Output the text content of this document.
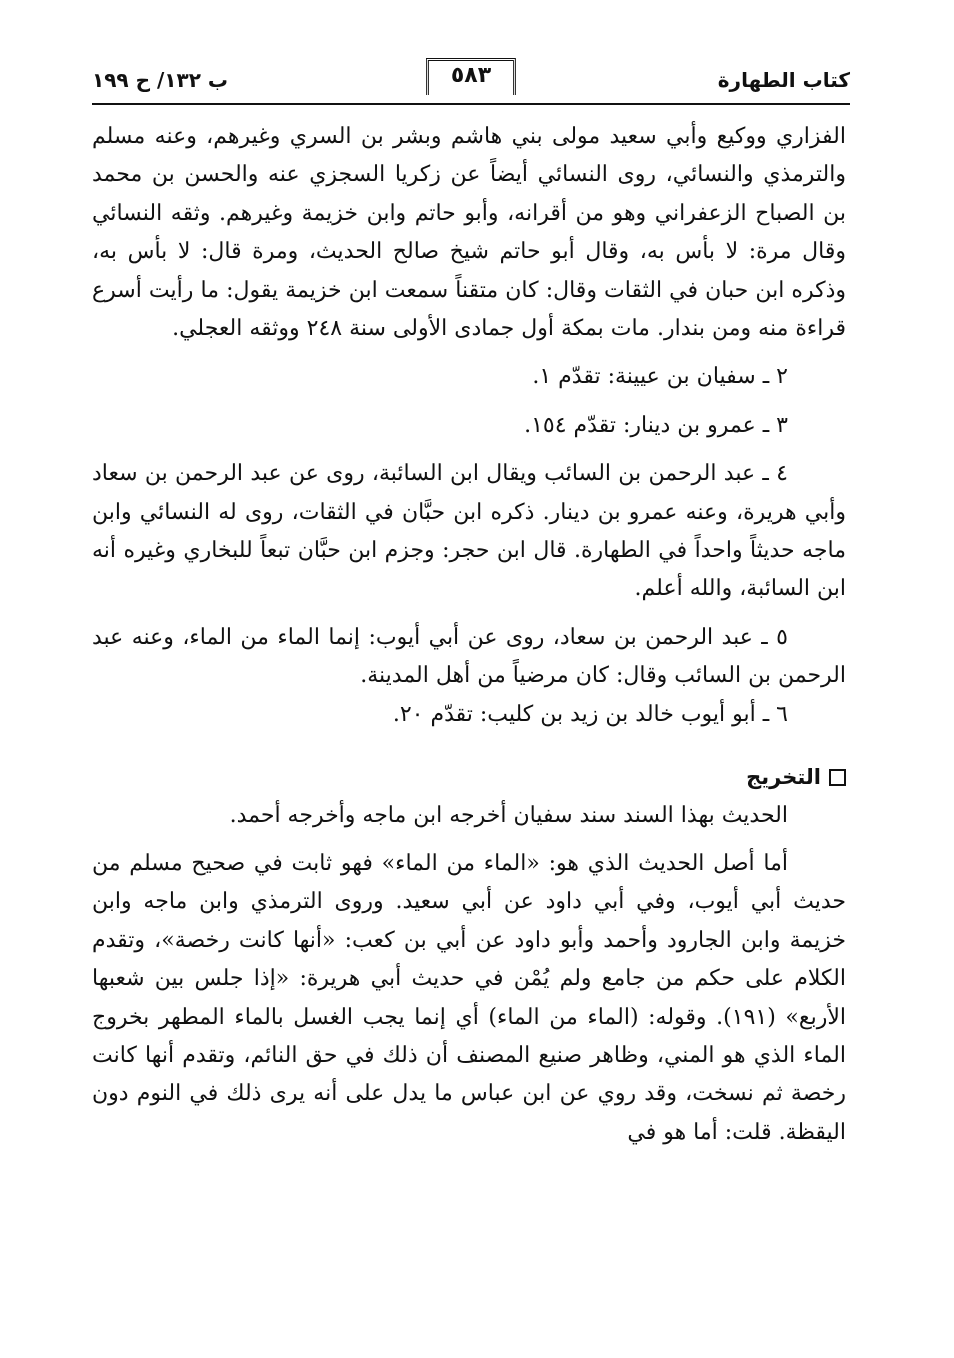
كتاب الطهارة
٥٨٣
ب ١٣٢/ ح ١٩٩

الفزاري ووكيع وأبي سعيد مولى بني هاشم وبشر بن السري وغيرهم، وعنه مسلم والترمذي والنسائي، روى النسائي أيضاً عن زكريا السجزي عنه والحسن بن محمد بن الصباح الزعفراني وهو من أقرانه، وأبو حاتم وابن خزيمة وغيرهم. وثقه النسائي وقال مرة: لا بأس به، وقال أبو حاتم شيخ صالح الحديث، ومرة قال: لا بأس به، وذكره ابن حبان في الثقات وقال: كان متقناً سمعت ابن خزيمة يقول: ما رأيت أسرع قراءة منه ومن بندار. مات بمكة أول جمادى الأولى سنة ٢٤٨ ووثقه العجلي.

٢ ـ سفيان بن عيينة: تقدّم ١.

٣ ـ عمرو بن دينار: تقدّم ١٥٤.

٤ ـ عبد الرحمن بن السائب ويقال ابن السائبة، روى عن عبد الرحمن بن سعاد وأبي هريرة، وعنه عمرو بن دينار. ذكره ابن حبَّان في الثقات، روى له النسائي وابن ماجه حديثاً واحداً في الطهارة. قال ابن حجر: وجزم ابن حبَّان تبعاً للبخاري وغيره أنه ابن السائبة، والله أعلم.

٥ ـ عبد الرحمن بن سعاد، روى عن أبي أيوب: إنما الماء من الماء، وعنه عبد الرحمن بن السائب وقال: كان مرضياً من أهل المدينة.

٦ ـ أبو أيوب خالد بن زيد بن كليب: تقدّم ٢٠.

التخريج

الحديث بهذا السند سند سفيان أخرجه ابن ماجه وأخرجه أحمد.

أما أصل الحديث الذي هو: «الماء من الماء» فهو ثابت في صحيح مسلم من حديث أبي أيوب، وفي أبي داود عن أبي سعيد. وروى الترمذي وابن ماجه وابن خزيمة وابن الجارود وأحمد وأبو داود عن أبي بن كعب: «أنها كانت رخصة»، وتقدم الكلام على حكم من جامع ولم يُمْن في حديث أبي هريرة: «إذا جلس بين شعبها الأربع» (١٩١). وقوله: (الماء من الماء) أي إنما يجب الغسل بالماء المطهر بخروج الماء الذي هو المني، وظاهر صنيع المصنف أن ذلك في حق النائم، وتقدم أنها كانت رخصة ثم نسخت، وقد روي عن ابن عباس ما يدل على أنه يرى ذلك في النوم دون اليقظة. قلت: أما هو في
